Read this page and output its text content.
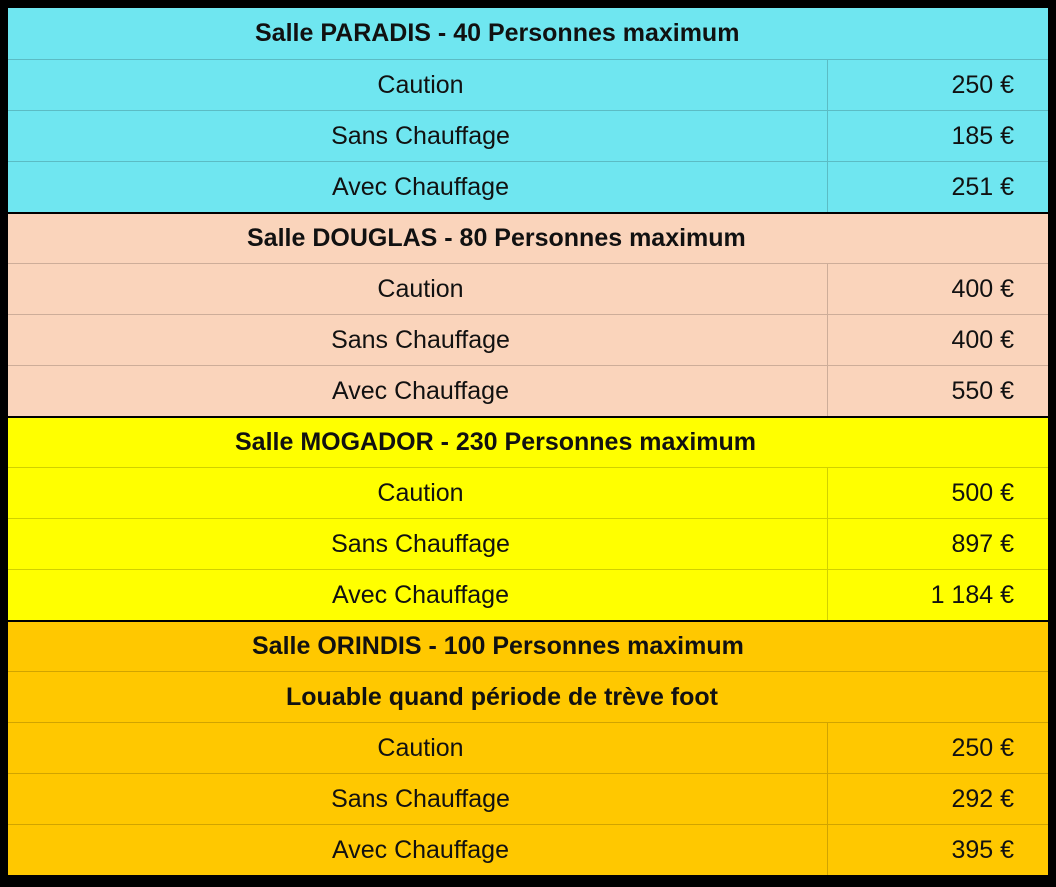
Salle PARADIS - 40 Personnes maximum
Caution	250 €
Sans Chauffage	185 €
Avec Chauffage	251 €
Salle DOUGLAS - 80 Personnes maximum
Caution	400 €
Sans Chauffage	400 €
Avec Chauffage	550 €
Salle MOGADOR - 230 Personnes maximum
Caution	500 €
Sans Chauffage	897 €
Avec Chauffage	1 184 €
Salle ORINDIS - 100 Personnes maximum
Louable quand période de trève foot
Caution	250 €
Sans Chauffage	292 €
Avec Chauffage	395 €
